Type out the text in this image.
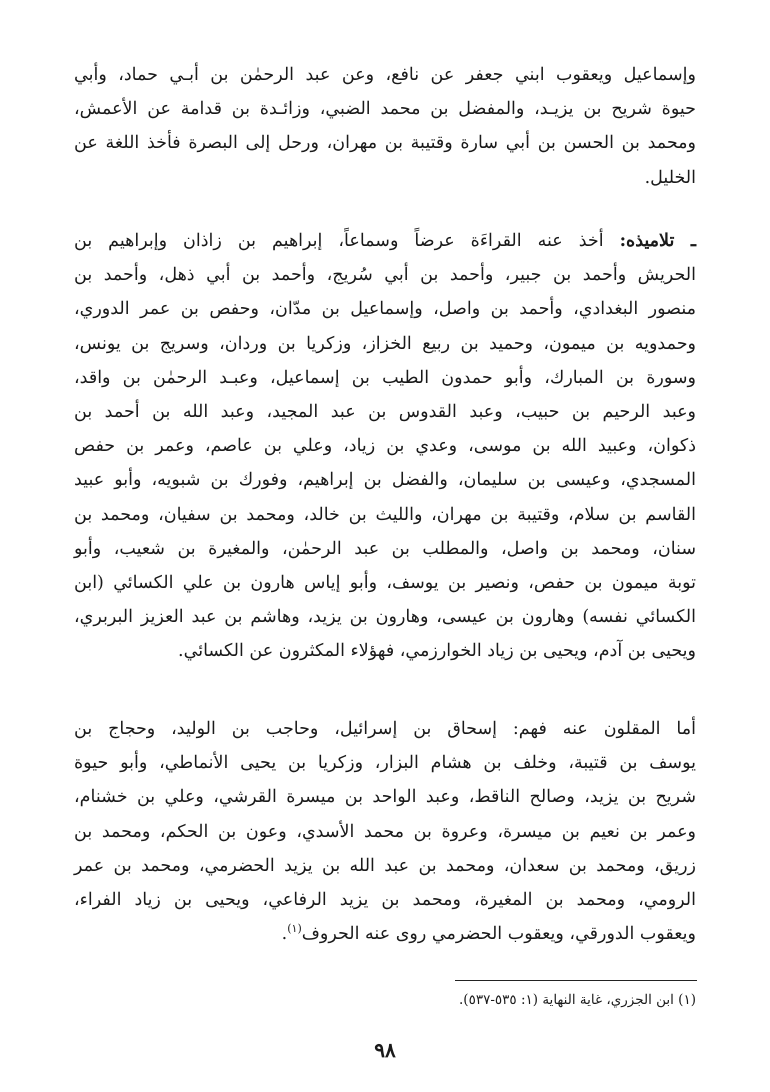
وإسماعيل ويعقوب ابني جعفر عن نافع، وعن عبد الرحمٰن بن أبـي حماد، وأبي
حيوة شريح بن يزيـد، والمفضل بن محمد الضبي، وزائـدة بن قدامة عن الأعمش،
ومحمد بن الحسن بن أبي سارة وقتيبة بن مهران، ورحل إلى البصرة فأخذ اللغة عن
الخليل.
ـ تلاميذه: أخذ عنه القراءَة عرضاً وسماعاً، إبراهيم بن زاذان وإبراهيم بن
الحريش وأحمد بن جبير، وأحمد بن أبي سُريج، وأحمد بن أبي ذهل، وأحمد بن
منصور البغدادي، وأحمد بن واصل، وإسماعيل بن مدّان، وحفص بن عمر الدوري،
وحمدويه بن ميمون، وحميد بن ربيع الخزاز، وزكريا بن وردان، وسريج بن يونس،
وسورة بن المبارك، وأبو حمدون الطيب بن إسماعيل، وعبـد الرحمٰن بن واقد،
وعبد الرحيم بن حبيب، وعبد القدوس بن عبد المجيد، وعبد الله بن أحمد بن
ذكوان، وعبيد الله بن موسى، وعدي بن زياد، وعلي بن عاصم، وعمر بن حفص
المسجدي، وعيسى بن سليمان، والفضل بن إبراهيم، وفورك بن شبويه، وأبو عبيد
القاسم بن سلام، وقتيبة بن مهران، والليث بن خالد، ومحمد بن سفيان، ومحمد بن
سنان، ومحمد بن واصل، والمطلب بن عبد الرحمٰن، والمغيرة بن شعيب، وأبو
توبة ميمون بن حفص، ونصير بن يوسف، وأبو إياس هارون بن علي الكسائي (ابن
الكسائي نفسه) وهارون بن عيسى، وهارون بن يزيد، وهاشم بن عبد العزيز البربري،
ويحيى بن آدم، ويحيى بن زياد الخوارزمي، فهؤلاء المكثرون عن الكسائي.
أما المقلون عنه فهم: إسحاق بن إسرائيل، وحاجب بن الوليد، وحجاج بن
يوسف بن قتيبة، وخلف بن هشام البزار، وزكريا بن يحيى الأنماطي، وأبو حيوة
شريح بن يزيد، وصالح الناقط، وعبد الواحد بن ميسرة القرشي، وعلي بن خشنام،
وعمر بن نعيم بن ميسرة، وعروة بن محمد الأسدي، وعون بن الحكم، ومحمد بن
زريق، ومحمد بن سعدان، ومحمد بن عبد الله بن يزيد الحضرمي، ومحمد بن عمر
الرومي، ومحمد بن المغيرة، ومحمد بن يزيد الرفاعي، ويحيى بن زياد الفراء،
ويعقوب الدورقي، ويعقوب الحضرمي روى عنه الحروف$^{(١)}$.
(١) ابن الجزري، غاية النهاية (١: ٥٣٥-٥٣٧).
٩٨
